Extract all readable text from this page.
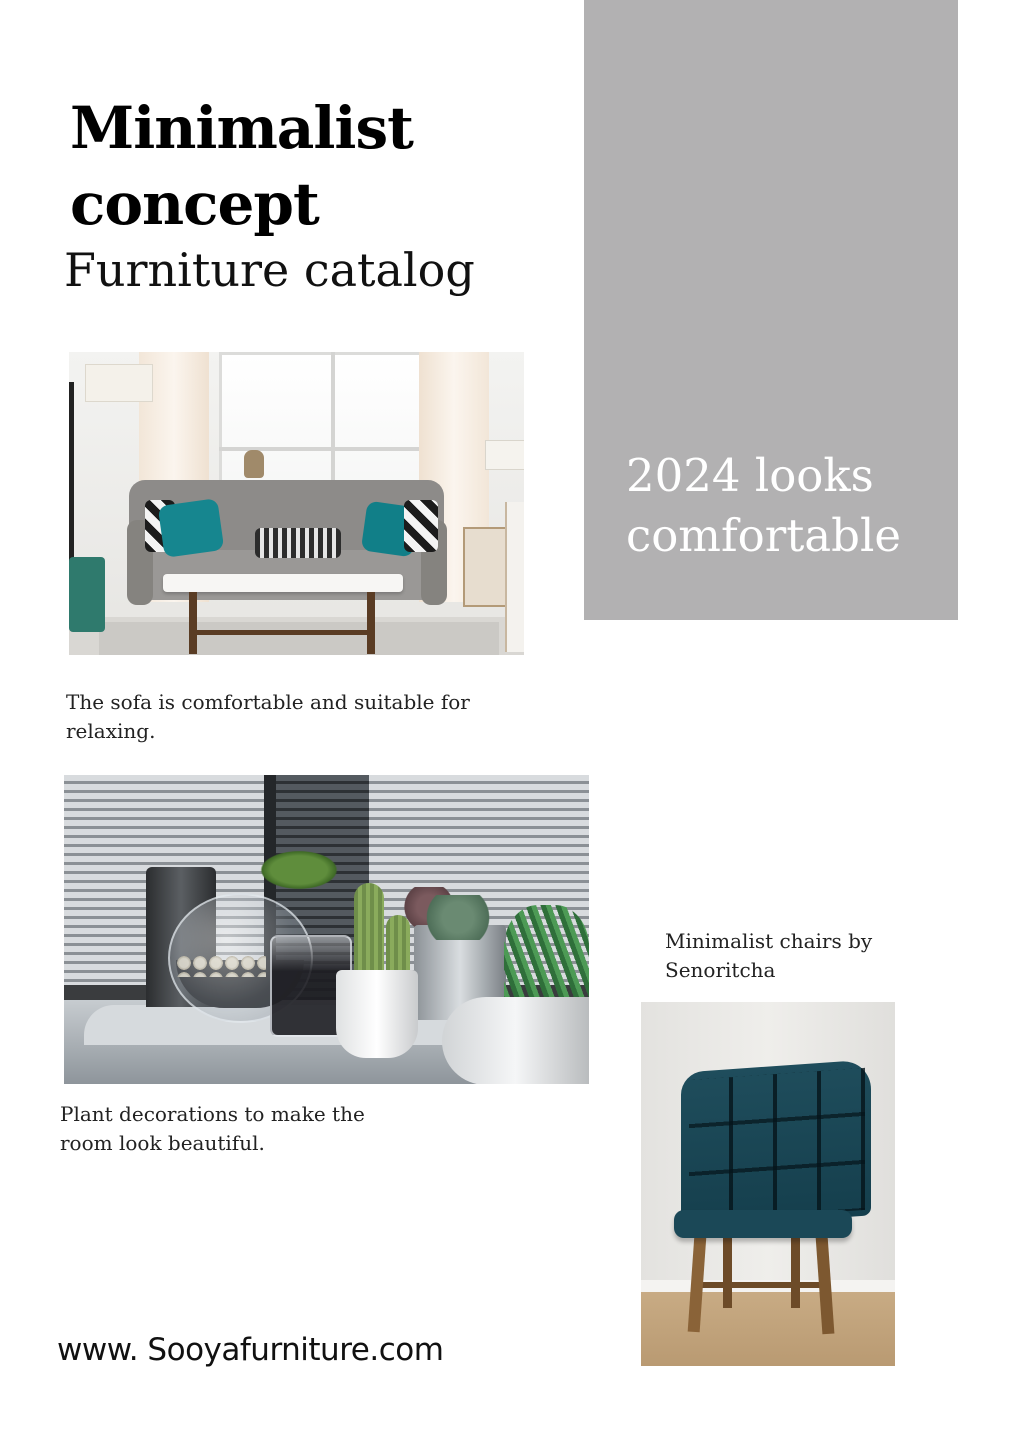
Minimalist concept
Furniture catalog
2024 looks comfortable
The sofa is comfortable and suitable for relaxing.
Plant decorations to make the room look beautiful.
Minimalist chairs by Senoritcha
www. Sooyafurniture.com
